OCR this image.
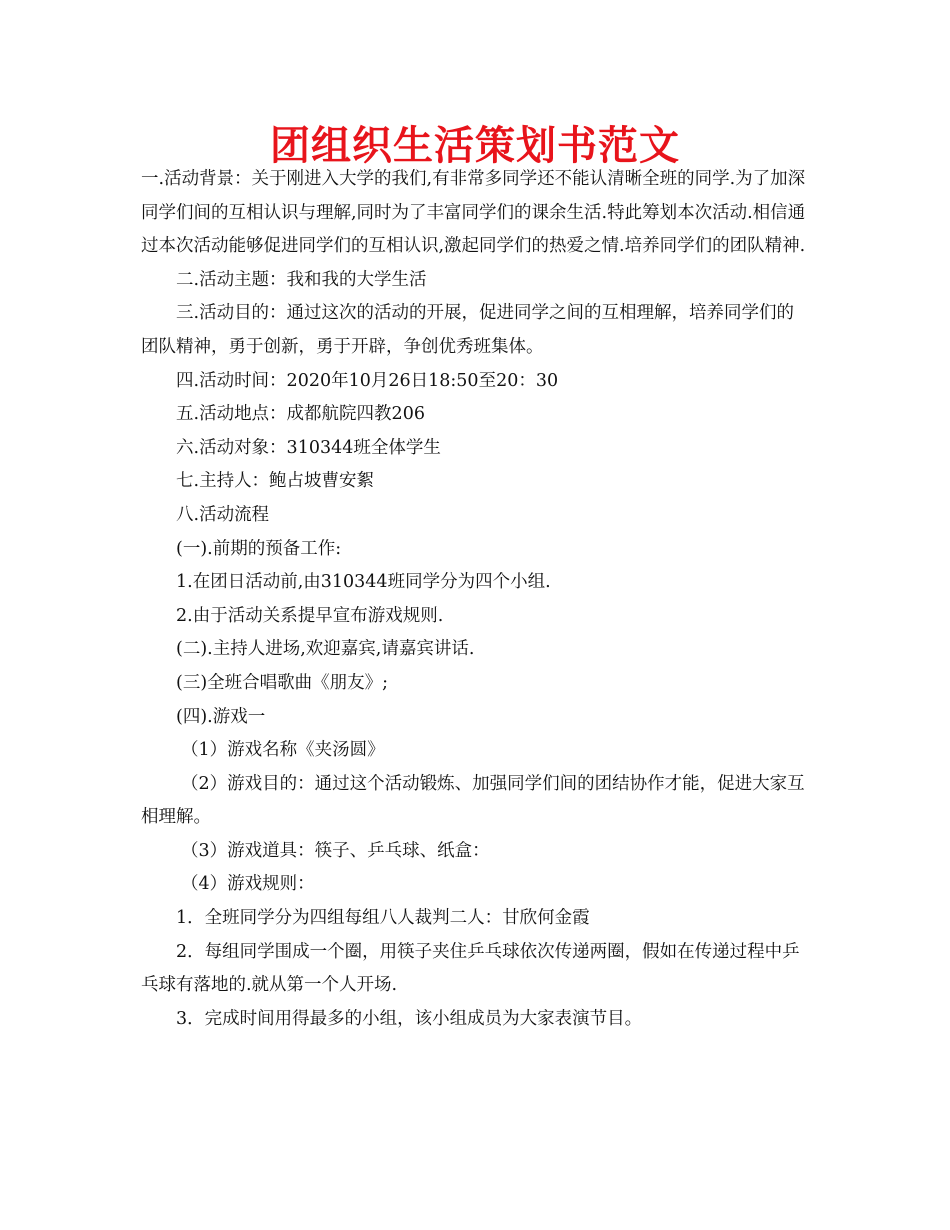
团组织生活策划书范文

一.活动背景：关于刚进入大学的我们,有非常多同学还不能认清晰全班的同学.为了加深同学们间的互相认识与理解,同时为了丰富同学们的课余生活.特此筹划本次活动.相信通过本次活动能够促进同学们的互相认识,激起同学们的热爱之情.培养同学们的团队精神.

二.活动主题：我和我的大学生活

三.活动目的：通过这次的活动的开展，促进同学之间的互相理解，培养同学们的团队精神，勇于创新，勇于开辟，争创优秀班集体。

四.活动时间：2020年10月26日18:50至20：30

五.活动地点：成都航院四教206

六.活动对象：310344班全体学生

七.主持人：鲍占坡曹安絮

八.活动流程

(一).前期的预备工作:

1.在团日活动前,由310344班同学分为四个小组.

2.由于活动关系提早宣布游戏规则.

(二).主持人进场,欢迎嘉宾,请嘉宾讲话.

(三)全班合唱歌曲《朋友》;

(四).游戏一

（1）游戏名称《夹汤圆》

（2）游戏目的：通过这个活动锻炼、加强同学们间的团结协作才能，促进大家互相理解。

（3）游戏道具：筷子、乒乓球、纸盒：

（4）游戏规则：

1．全班同学分为四组每组八人裁判二人：甘欣何金霞

2．每组同学围成一个圈，用筷子夹住乒乓球依次传递两圈，假如在传递过程中乒乓球有落地的.就从第一个人开场.

3．完成时间用得最多的小组，该小组成员为大家表演节目。
